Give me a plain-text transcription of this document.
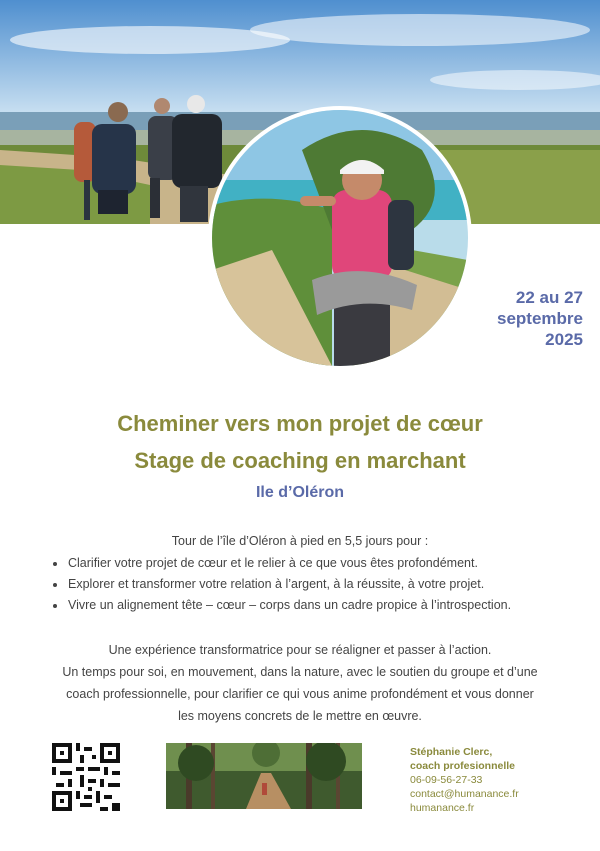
22 au 27
septembre
2025
Cheminer vers mon projet de cœur
Stage de coaching en marchant
Ile d’Oléron
Tour de l’île d’Oléron à pied en 5,5 jours pour :
Clarifier votre projet de cœur et le relier à ce que vous êtes profondément.
Explorer et transformer votre relation à l’argent, à la réussite, à votre projet.
Vivre un alignement tête – cœur – corps dans un cadre propice à l’introspection.
Une expérience transformatrice pour se réaligner et passer à l’action.
Un temps pour soi, en mouvement, dans la nature, avec le soutien du groupe et d’une
coach professionnelle, pour clarifier ce qui vous anime profondément et vous donner
les moyens concrets de le mettre en œuvre.
Stéphanie Clerc,
coach profesionnelle
06-09-56-27-33
contact@humanance.fr
humanance.fr
